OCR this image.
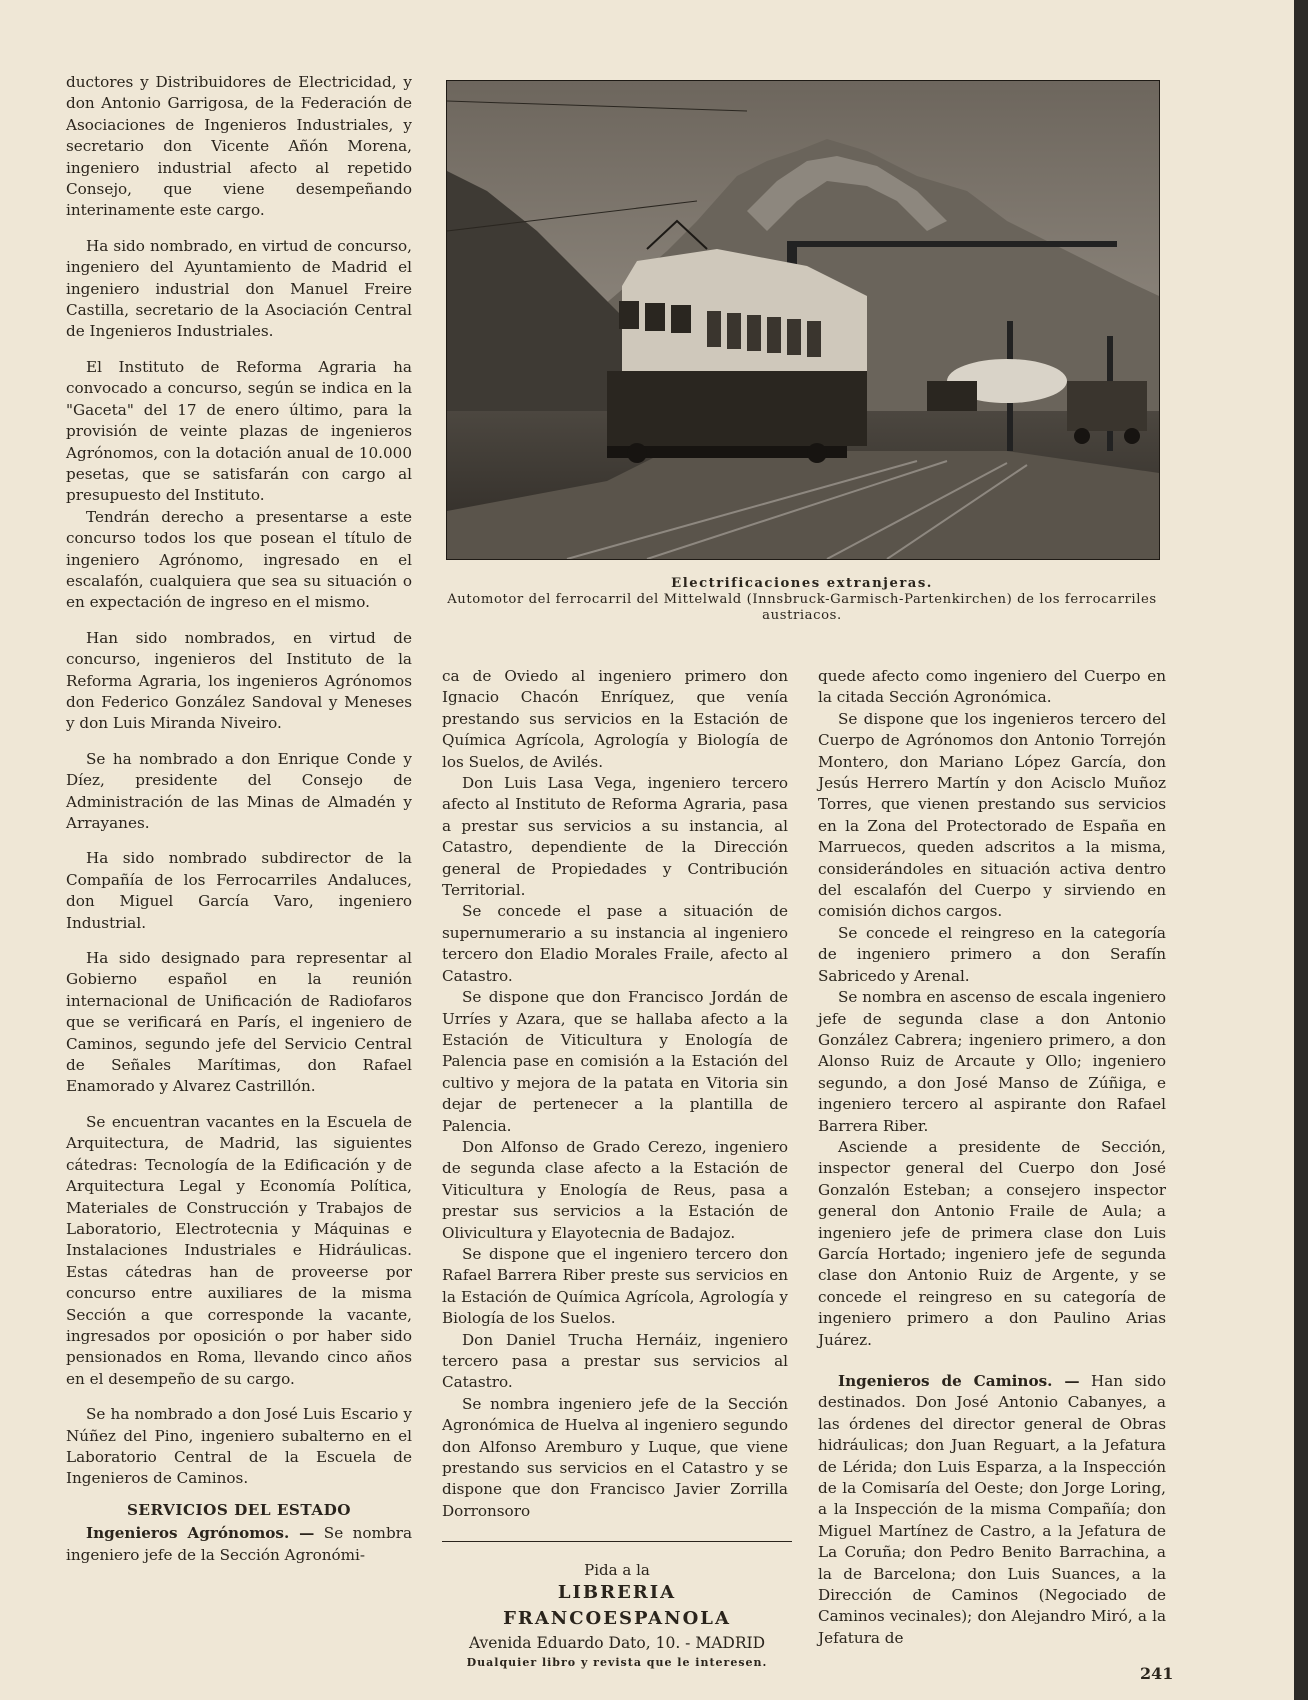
ductores y Distribuidores de Electricidad, y don Antonio Garrigosa, de la Federación de Asociaciones de Ingenieros Industriales, y secretario don Vicente Añón Morena, ingeniero industrial afecto al repetido Consejo, que viene desempeñando interinamente este cargo.

Ha sido nombrado, en virtud de concurso, ingeniero del Ayuntamiento de Madrid el ingeniero industrial don Manuel Freire Castilla, secretario de la Asociación Central de Ingenieros Industriales.

El Instituto de Reforma Agraria ha convocado a concurso, según se indica en la "Gaceta" del 17 de enero último, para la provisión de veinte plazas de ingenieros Agrónomos, con la dotación anual de 10.000 pesetas, que se satisfarán con cargo al presupuesto del Instituto.

Tendrán derecho a presentarse a este concurso todos los que posean el título de ingeniero Agrónomo, ingresado en el escalafón, cualquiera que sea su situación o en expectación de ingreso en el mismo.

Han sido nombrados, en virtud de concurso, ingenieros del Instituto de la Reforma Agraria, los ingenieros Agrónomos don Federico González Sandoval y Meneses y don Luis Miranda Niveiro.

Se ha nombrado a don Enrique Conde y Díez, presidente del Consejo de Administración de las Minas de Almadén y Arrayanes.

Ha sido nombrado subdirector de la Compañía de los Ferrocarriles Andaluces, don Miguel García Varo, ingeniero Industrial.

Ha sido designado para representar al Gobierno español en la reunión internacional de Unificación de Radiofaros que se verificará en París, el ingeniero de Caminos, segundo jefe del Servicio Central de Señales Marítimas, don Rafael Enamorado y Alvarez Castrillón.

Se encuentran vacantes en la Escuela de Arquitectura, de Madrid, las siguientes cátedras: Tecnología de la Edificación y de Arquitectura Legal y Economía Política, Materiales de Construcción y Trabajos de Laboratorio, Electrotecnia y Máquinas e Instalaciones Industriales e Hidráulicas. Estas cátedras han de proveerse por concurso entre auxiliares de la misma Sección a que corresponde la vacante, ingresados por oposición o por haber sido pensionados en Roma, llevando cinco años en el desempeño de su cargo.

Se ha nombrado a don José Luis Escario y Núñez del Pino, ingeniero subalterno en el Laboratorio Central de la Escuela de Ingenieros de Caminos.

SERVICIOS DEL ESTADO

Ingenieros Agrónomos. — Se nombra ingeniero jefe de la Sección Agronómi-

Electrificaciones extranjeras.
Automotor del ferrocarril del Mittelwald (Innsbruck-Garmisch-Partenkirchen) de los ferrocarriles austriacos.

ca de Oviedo al ingeniero primero don Ignacio Chacón Enríquez, que venía prestando sus servicios en la Estación de Química Agrícola, Agrología y Biología de los Suelos, de Avilés.

Don Luis Lasa Vega, ingeniero tercero afecto al Instituto de Reforma Agraria, pasa a prestar sus servicios a su instancia, al Catastro, dependiente de la Dirección general de Propiedades y Contribución Territorial.

Se concede el pase a situación de supernumerario a su instancia al ingeniero tercero don Eladio Morales Fraile, afecto al Catastro.

Se dispone que don Francisco Jordán de Urríes y Azara, que se hallaba afecto a la Estación de Viticultura y Enología de Palencia pase en comisión a la Estación del cultivo y mejora de la patata en Vitoria sin dejar de pertenecer a la plantilla de Palencia.

Don Alfonso de Grado Cerezo, ingeniero de segunda clase afecto a la Estación de Viticultura y Enología de Reus, pasa a prestar sus servicios a la Estación de Olivicultura y Elayotecnia de Badajoz.

Se dispone que el ingeniero tercero don Rafael Barrera Riber preste sus servicios en la Estación de Química Agrícola, Agrología y Biología de los Suelos.

Don Daniel Trucha Hernáiz, ingeniero tercero pasa a prestar sus servicios al Catastro.

Se nombra ingeniero jefe de la Sección Agronómica de Huelva al ingeniero segundo don Alfonso Aremburo y Luque, que viene prestando sus servicios en el Catastro y se dispone que don Francisco Javier Zorrilla Dorronsoro

Pida a la
LIBRERIA FRANCOESPANOLA
Avenida Eduardo Dato, 10. - MADRID
Dualquier libro y revista que le interesen.

quede afecto como ingeniero del Cuerpo en la citada Sección Agronómica.

Se dispone que los ingenieros tercero del Cuerpo de Agrónomos don Antonio Torrejón Montero, don Mariano López García, don Jesús Herrero Martín y don Acisclo Muñoz Torres, que vienen prestando sus servicios en la Zona del Protectorado de España en Marruecos, queden adscritos a la misma, considerándoles en situación activa dentro del escalafón del Cuerpo y sirviendo en comisión dichos cargos.

Se concede el reingreso en la categoría de ingeniero primero a don Serafín Sabricedo y Arenal.

Se nombra en ascenso de escala ingeniero jefe de segunda clase a don Antonio González Cabrera; ingeniero primero, a don Alonso Ruiz de Arcaute y Ollo; ingeniero segundo, a don José Manso de Zúñiga, e ingeniero tercero al aspirante don Rafael Barrera Riber.

Asciende a presidente de Sección, inspector general del Cuerpo don José Gonzalón Esteban; a consejero inspector general don Antonio Fraile de Aula; a ingeniero jefe de primera clase don Luis García Hortado; ingeniero jefe de segunda clase don Antonio Ruiz de Argente, y se concede el reingreso en su categoría de ingeniero primero a don Paulino Arias Juárez.

Ingenieros de Caminos. — Han sido destinados. Don José Antonio Cabanyes, a las órdenes del director general de Obras hidráulicas; don Juan Reguart, a la Jefatura de Lérida; don Luis Esparza, a la Inspección de la Comisaría del Oeste; don Jorge Loring, a la Inspección de la misma Compañía; don Miguel Martínez de Castro, a la Jefatura de La Coruña; don Pedro Benito Barrachina, a la de Barcelona; don Luis Suances, a la Dirección de Caminos (Negociado de Caminos vecinales); don Alejandro Miró, a la Jefatura de

241
